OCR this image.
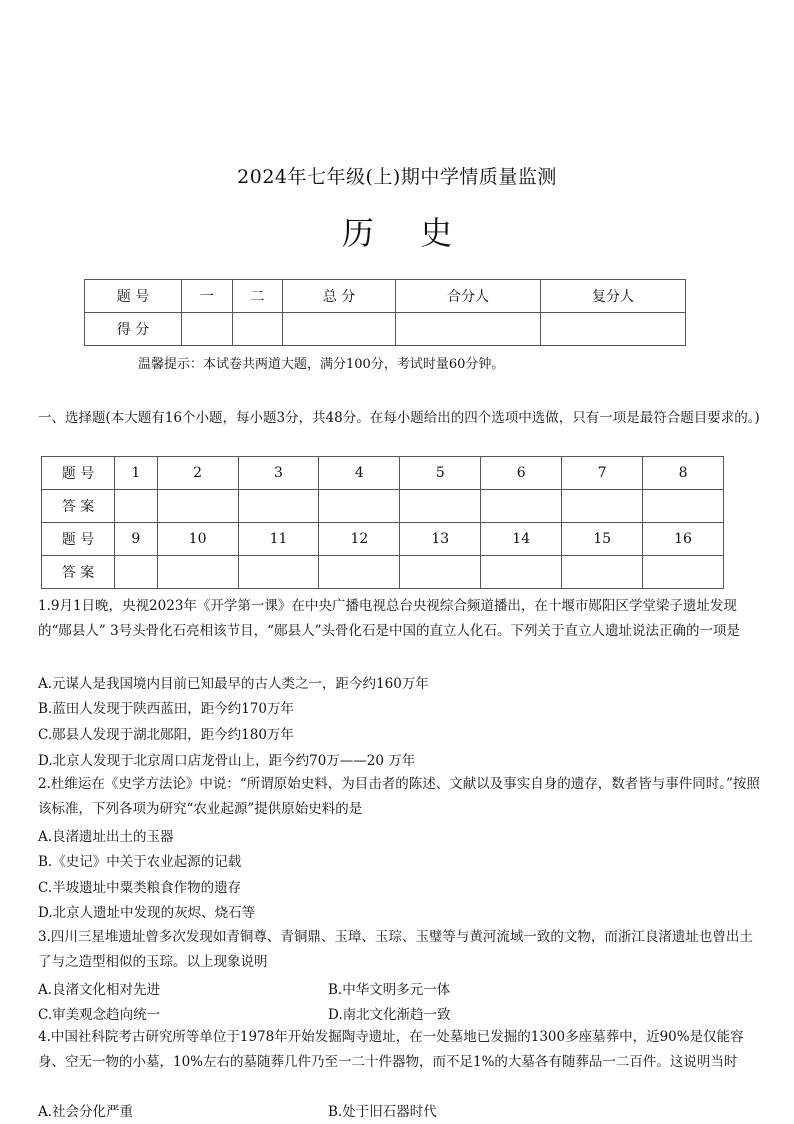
2024年七年级(上)期中学情质量监测
历 史
题 号	一	二	总 分	合分人	复分人
得 分					
温馨提示：本试卷共两道大题，满分100分，考试时量60分钟。
一、选择题(本大题有16个小题，每小题3分，共48分。在每小题给出的四个选项中选做，只有一项是最符合题目要求的。)
题 号	1	2	3	4	5	6	7	8
答 案								
题 号	9	10	11	12	13	14	15	16
答 案								
1.9月1日晚，央视2023年《开学第一课》在中央广播电视总台央视综合频道播出，在十堰市郧阳区学堂梁子遗址发现的“郧县人” 3号头骨化石亮相该节目，“郧县人”头骨化石是中国的直立人化石。下列关于直立人遗址说法正确的一项是
A.元谋人是我国境内目前已知最早的古人类之一，距今约160万年
B.蓝田人发现于陕西蓝田，距今约170万年
C.郧县人发现于湖北郧阳，距今约180万年
D.北京人发现于北京周口店龙骨山上，距今约70万——20 万年
2.杜维运在《史学方法论》中说：“所谓原始史料，为目击者的陈述、文献以及事实自身的遗存，数者皆与事件同时。”按照该标准，下列各项为研究“农业起源”提供原始史料的是
A.良渚遗址出土的玉器
B.《史记》中关于农业起源的记载
C.半坡遗址中粟类粮食作物的遗存
D.北京人遗址中发现的灰烬、烧石等
3.四川三星堆遗址曾多次发现如青铜尊、青铜鼎、玉璋、玉琮、玉璧等与黄河流域一致的文物，而浙江良渚遗址也曾出土了与之造型相似的玉琮。以上现象说明
A.良渚文化相对先进	B.中华文明多元一体
C.审美观念趋向统一	D.南北文化渐趋一致
4.中国社科院考古研究所等单位于1978年开始发掘陶寺遗址，在一处墓地已发掘的1300多座墓葬中，近90%是仅能容身、空无一物的小墓，10%左右的墓随葬几件乃至一二十件器物，而不足1%的大墓各有随葬品一二百件。这说明当时
A.社会分化严重	B.处于旧石器时代
